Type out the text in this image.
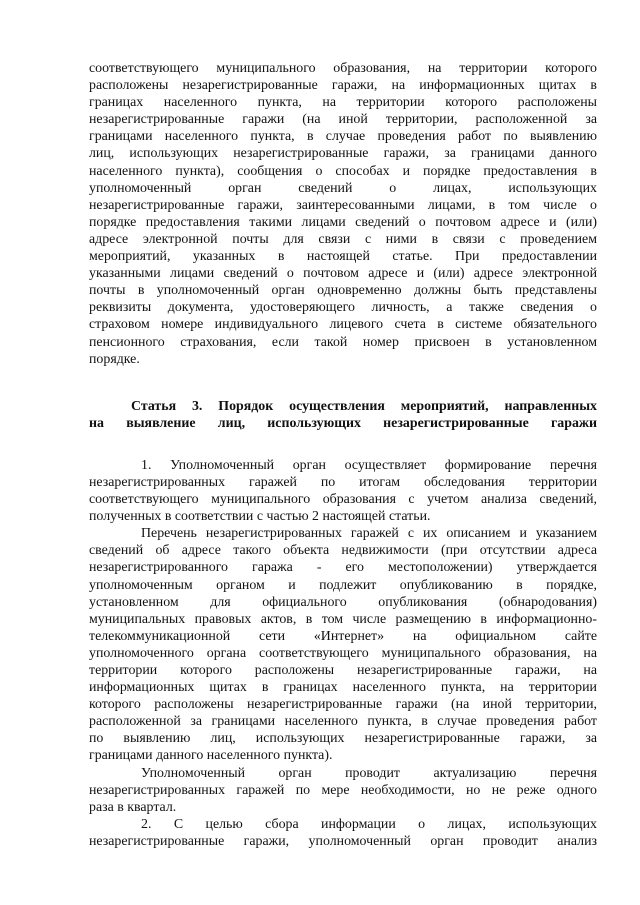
соответствующего муниципального образования, на территории которого
расположены незарегистрированные гаражи, на информационных щитах в
границах населенного пункта, на территории которого расположены
незарегистрированные гаражи (на иной территории, расположенной за
границами населенного пункта, в случае проведения работ по выявлению
лиц, использующих незарегистрированные гаражи, за границами данного
населенного пункта), сообщения о способах и порядке предоставления в
уполномоченный орган сведений о лицах, использующих
незарегистрированные гаражи, заинтересованными лицами, в том числе о
порядке предоставления такими лицами сведений о почтовом адресе и (или)
адресе электронной почты для связи с ними в связи с проведением
мероприятий, указанных в настоящей статье. При предоставлении
указанными лицами сведений о почтовом адресе и (или) адресе электронной
почты в уполномоченный орган одновременно должны быть представлены
реквизиты документа, удостоверяющего личность, а также сведения о
страховом номере индивидуального лицевого счета в системе обязательного
пенсионного страхования, если такой номер присвоен в установленном
порядке.
Статья 3. Порядок осуществления мероприятий, направленных
на выявление лиц, использующих незарегистрированные гаражи
1. Уполномоченный орган осуществляет формирование перечня
незарегистрированных гаражей по итогам обследования территории
соответствующего муниципального образования с учетом анализа сведений,
полученных в соответствии с частью 2 настоящей статьи.
Перечень незарегистрированных гаражей с их описанием и указанием
сведений об адресе такого объекта недвижимости (при отсутствии адреса
незарегистрированного гаража - его местоположении) утверждается
уполномоченным органом и подлежит опубликованию в порядке,
установленном для официального опубликования (обнародования)
муниципальных правовых актов, в том числе размещению в информационно-
телекоммуникационной сети «Интернет» на официальном сайте
уполномоченного органа соответствующего муниципального образования, на
территории которого расположены незарегистрированные гаражи, на
информационных щитах в границах населенного пункта, на территории
которого расположены незарегистрированные гаражи (на иной территории,
расположенной за границами населенного пункта, в случае проведения работ
по выявлению лиц, использующих незарегистрированные гаражи, за
границами данного населенного пункта).
Уполномоченный орган проводит актуализацию перечня
незарегистрированных гаражей по мере необходимости, но не реже одного
раза в квартал.
2. С целью сбора информации о лицах, использующих
незарегистрированные гаражи, уполномоченный орган проводит анализ
